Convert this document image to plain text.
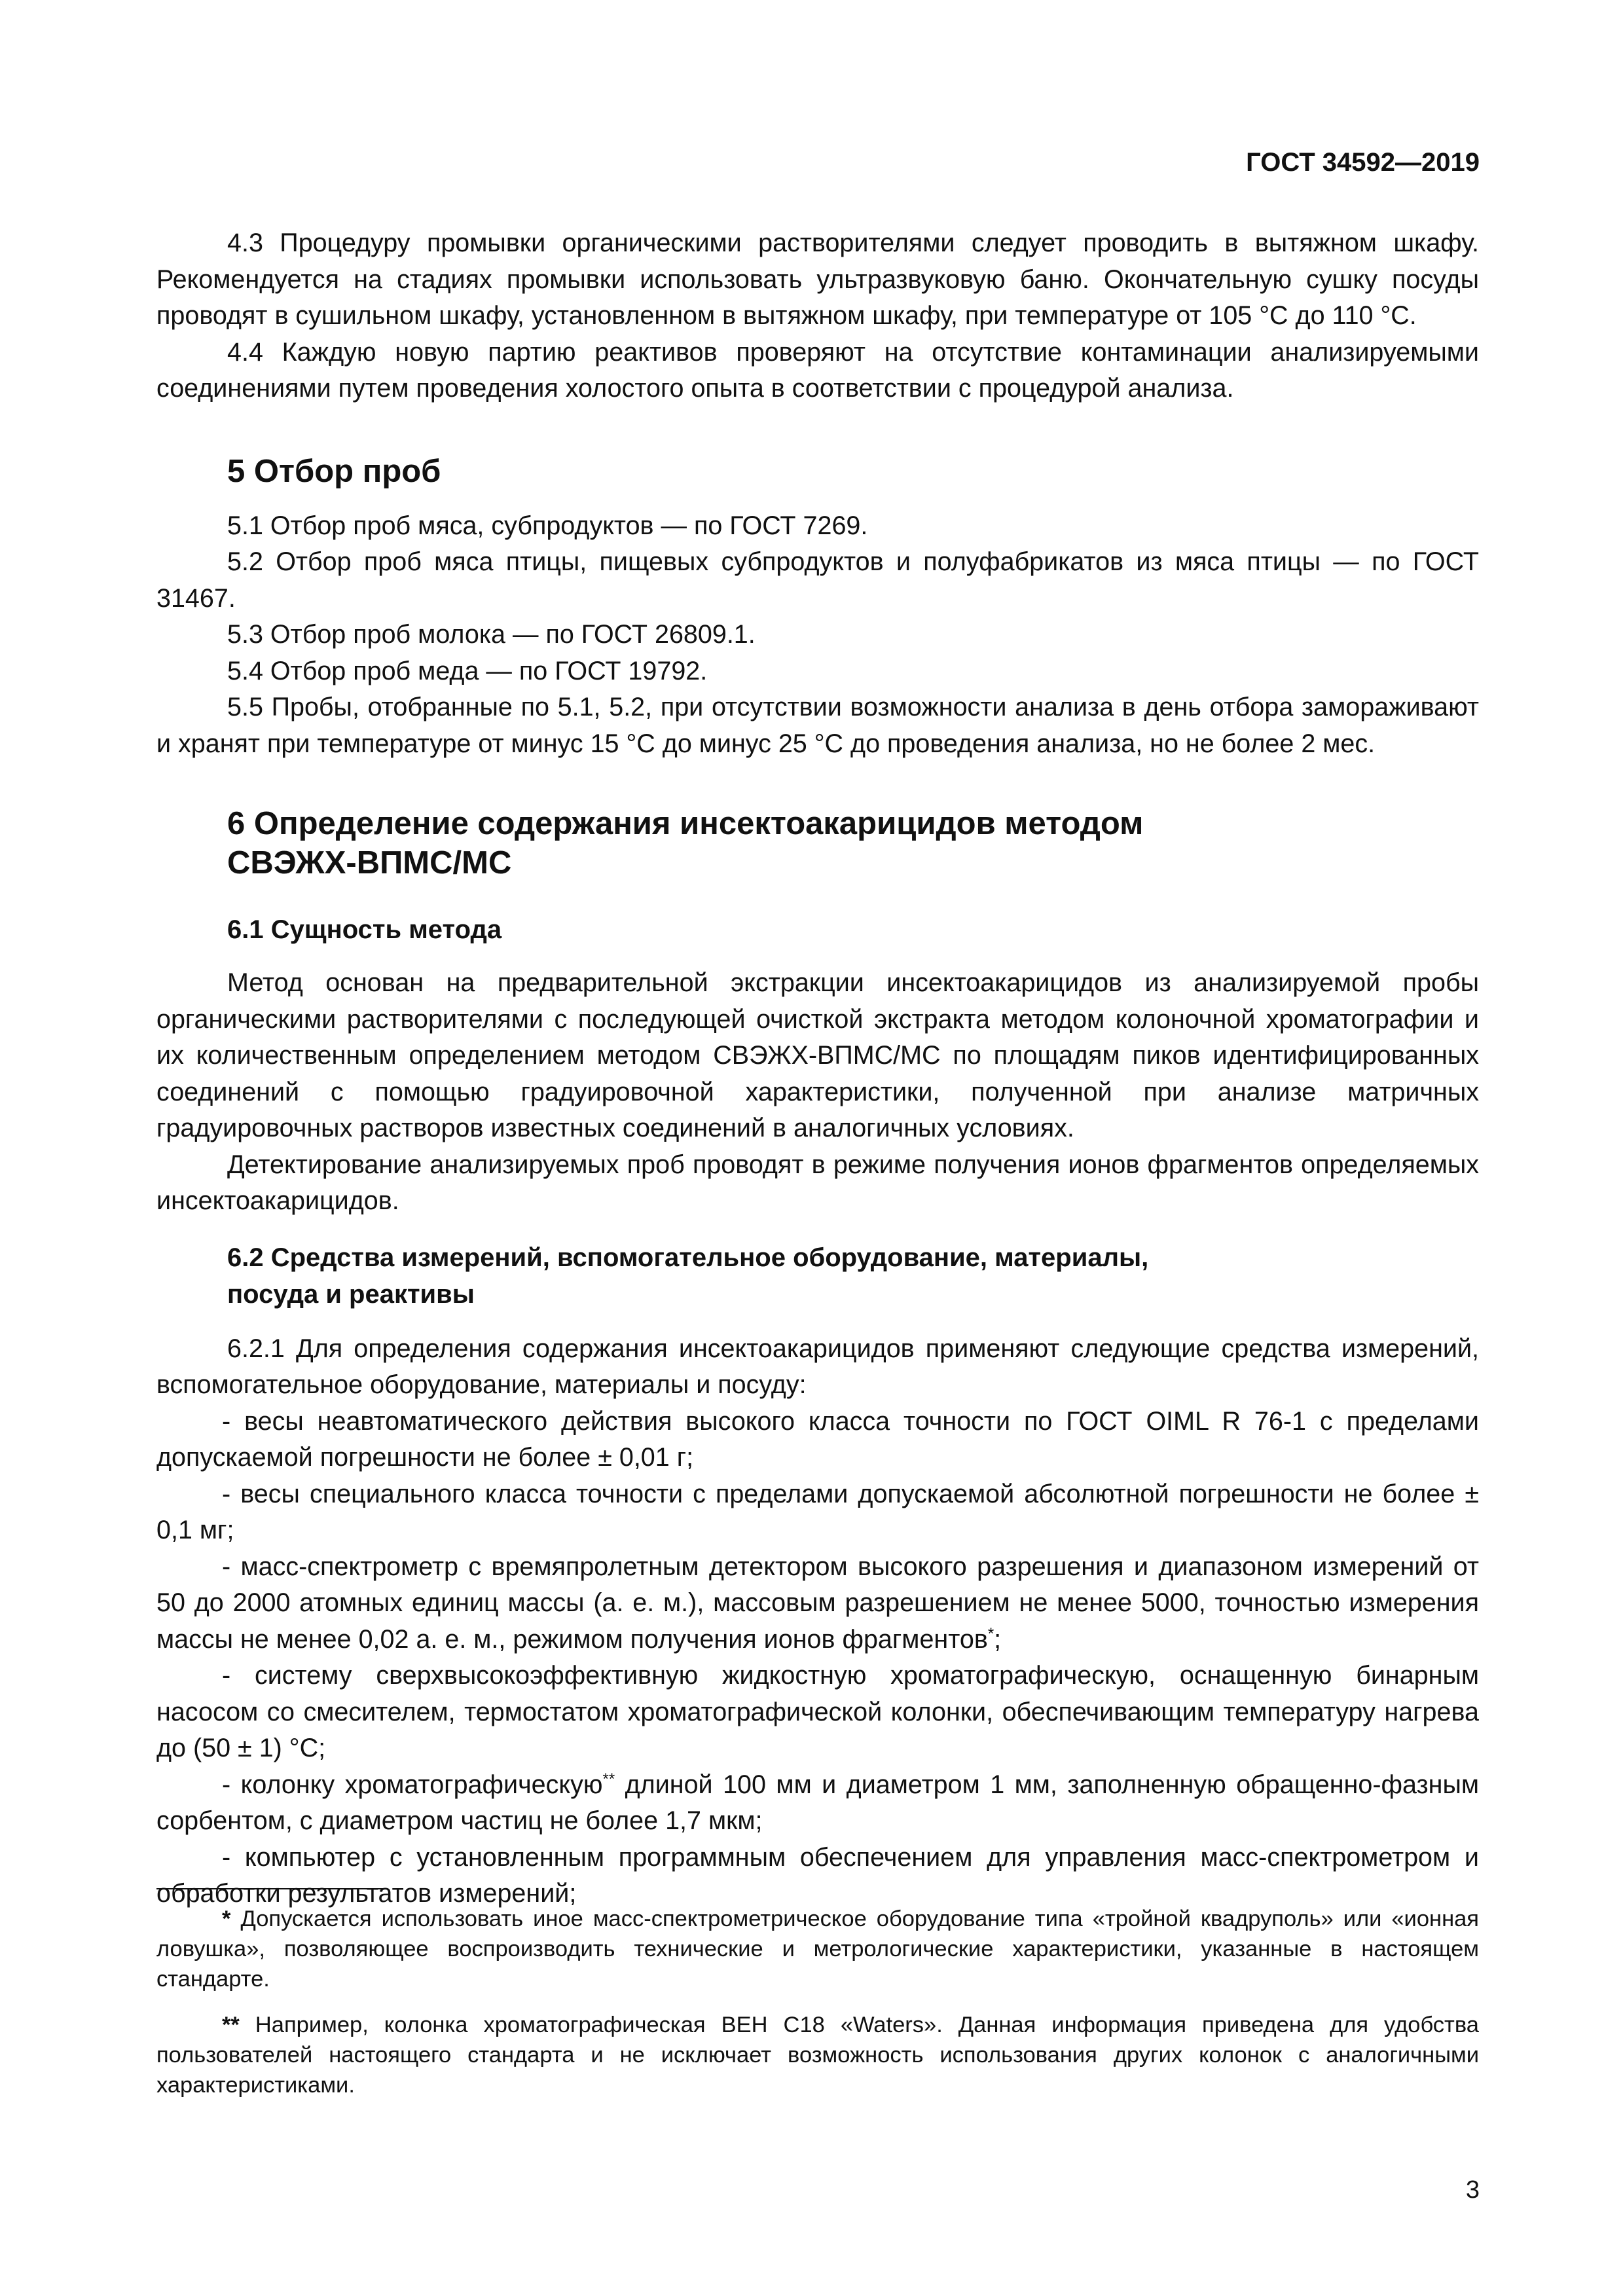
ГОСТ 34592—2019

4.3 Процедуру промывки органическими растворителями следует проводить в вытяжном шкафу. Рекомендуется на стадиях промывки использовать ультразвуковую баню. Окончательную сушку посуды проводят в сушильном шкафу, установленном в вытяжном шкафу, при температуре от 105 °С до 110 °С.

4.4 Каждую новую партию реактивов проверяют на отсутствие контаминации анализируемыми соединениями путем проведения холостого опыта в соответствии с процедурой анализа.

5 Отбор проб

5.1 Отбор проб мяса, субпродуктов — по ГОСТ 7269.

5.2 Отбор проб мяса птицы, пищевых субпродуктов и полуфабрикатов из мяса птицы — по ГОСТ 31467.

5.3 Отбор проб молока — по ГОСТ 26809.1.

5.4 Отбор проб меда — по ГОСТ 19792.

5.5 Пробы, отобранные по 5.1, 5.2, при отсутствии возможности анализа в день отбора замораживают и хранят при температуре от минус 15 °С до минус 25 °С до проведения анализа, но не более 2 мес.

6 Определение содержания инсектоакарицидов методом
СВЭЖХ-ВПМС/МС
6.1 Сущность метода

Метод основан на предварительной экстракции инсектоакарицидов из анализируемой пробы органическими растворителями с последующей очисткой экстракта методом колоночной хроматографии и их количественным определением методом СВЭЖХ-ВПМС/МС по площадям пиков идентифицированных соединений с помощью градуировочной характеристики, полученной при анализе матричных градуировочных растворов известных соединений в аналогичных условиях.

Детектирование анализируемых проб проводят в режиме получения ионов фрагментов определяемых инсектоакарицидов.

6.2 Средства измерений, вспомогательное оборудование, материалы,
посуда и реактивы

6.2.1 Для определения содержания инсектоакарицидов применяют следующие средства измерений, вспомогательное оборудование, материалы и посуду:

- весы неавтоматического действия высокого класса точности по ГОСТ OIML R 76-1 с пределами допускаемой погрешности не более ± 0,01 г;

- весы специального класса точности с пределами допускаемой абсолютной погрешности не более ± 0,1 мг;

- масс-спектрометр с времяпролетным детектором высокого разрешения и диапазоном измерений от 50 до 2000 атомных единиц массы (а. е. м.), массовым разрешением не менее 5000, точностью измерения массы не менее 0,02 а. е. м., режимом получения ионов фрагментов*;

- систему сверхвысокоэффективную жидкостную хроматографическую, оснащенную бинарным насосом со смесителем, термостатом хроматографической колонки, обеспечивающим температуру нагрева до (50 ± 1) °С;

- колонку хроматографическую** длиной 100 мм и диаметром 1 мм, заполненную обращенно-фазным сорбентом, с диаметром частиц не более 1,7 мкм;

- компьютер с установленным программным обеспечением для управления масс-спектрометром и обработки результатов измерений;

* Допускается использовать иное масс-спектрометрическое оборудование типа «тройной квадруполь» или «ионная ловушка», позволяющее воспроизводить технические и метрологические характеристики, указанные в настоящем стандарте.

** Например, колонка хроматографическая ВЕН С18 «Waters». Данная информация приведена для удобства пользователей настоящего стандарта и не исключает возможность использования других колонок с аналогичными характеристиками.

3
